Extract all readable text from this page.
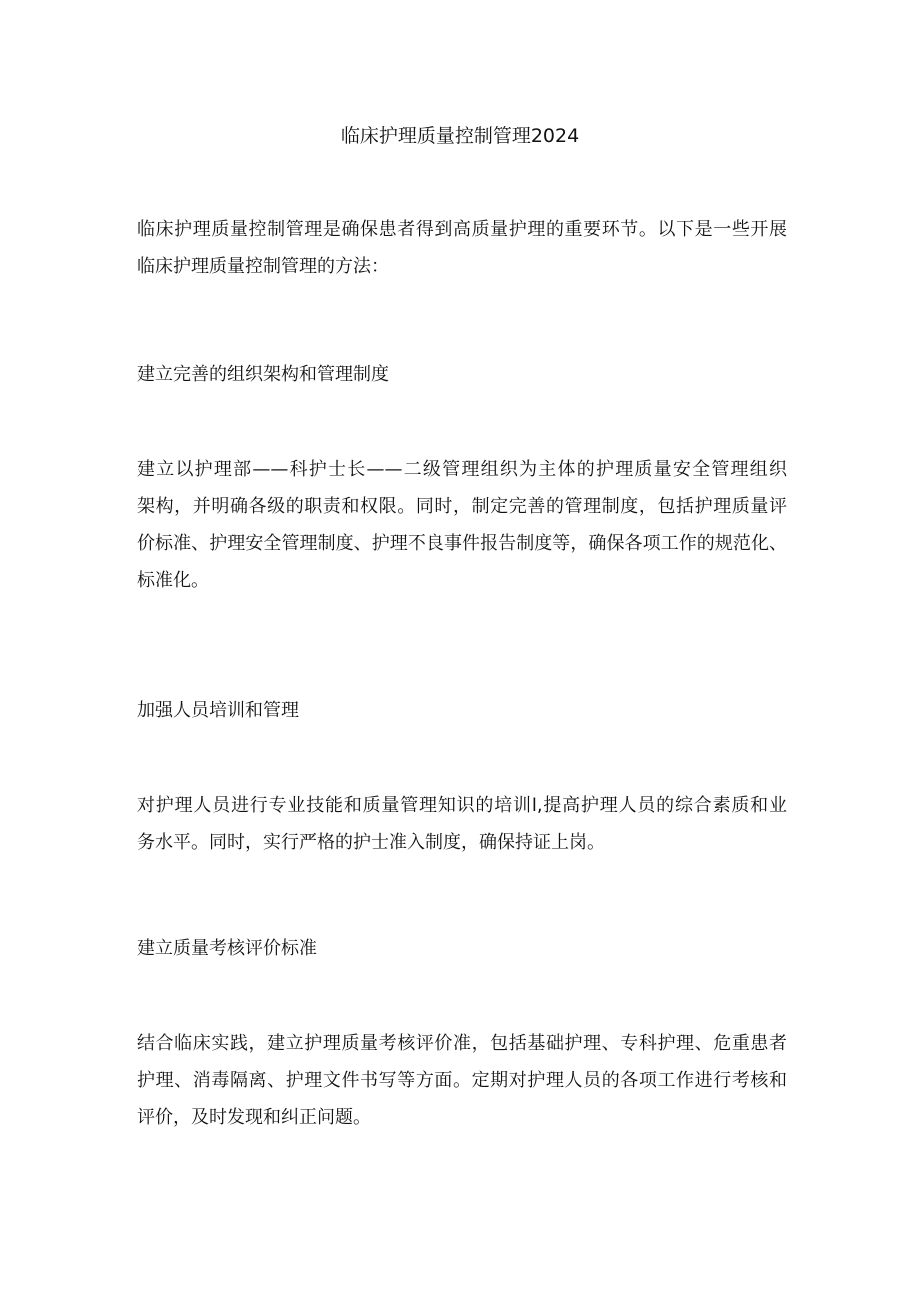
临床护理质量控制管理2024
临床护理质量控制管理是确保患者得到高质量护理的重要环节。以下是一些开展
临床护理质量控制管理的方法：
建立完善的组织架构和管理制度
建立以护理部——科护士长——二级管理组织为主体的护理质量安全管理组织
架构，并明确各级的职责和权限。同时，制定完善的管理制度，包括护理质量评
价标准、护理安全管理制度、护理不良事件报告制度等，确保各项工作的规范化、
标准化。
加强人员培训和管理
对护理人员进行专业技能和质量管理知识的培训l,提高护理人员的综合素质和业
务水平。同时，实行严格的护士准入制度，确保持证上岗。
建立质量考核评价标准
结合临床实践，建立护理质量考核评价准，包括基础护理、专科护理、危重患者
护理、消毒隔离、护理文件书写等方面。定期对护理人员的各项工作进行考核和
评价，及时发现和纠正问题。
